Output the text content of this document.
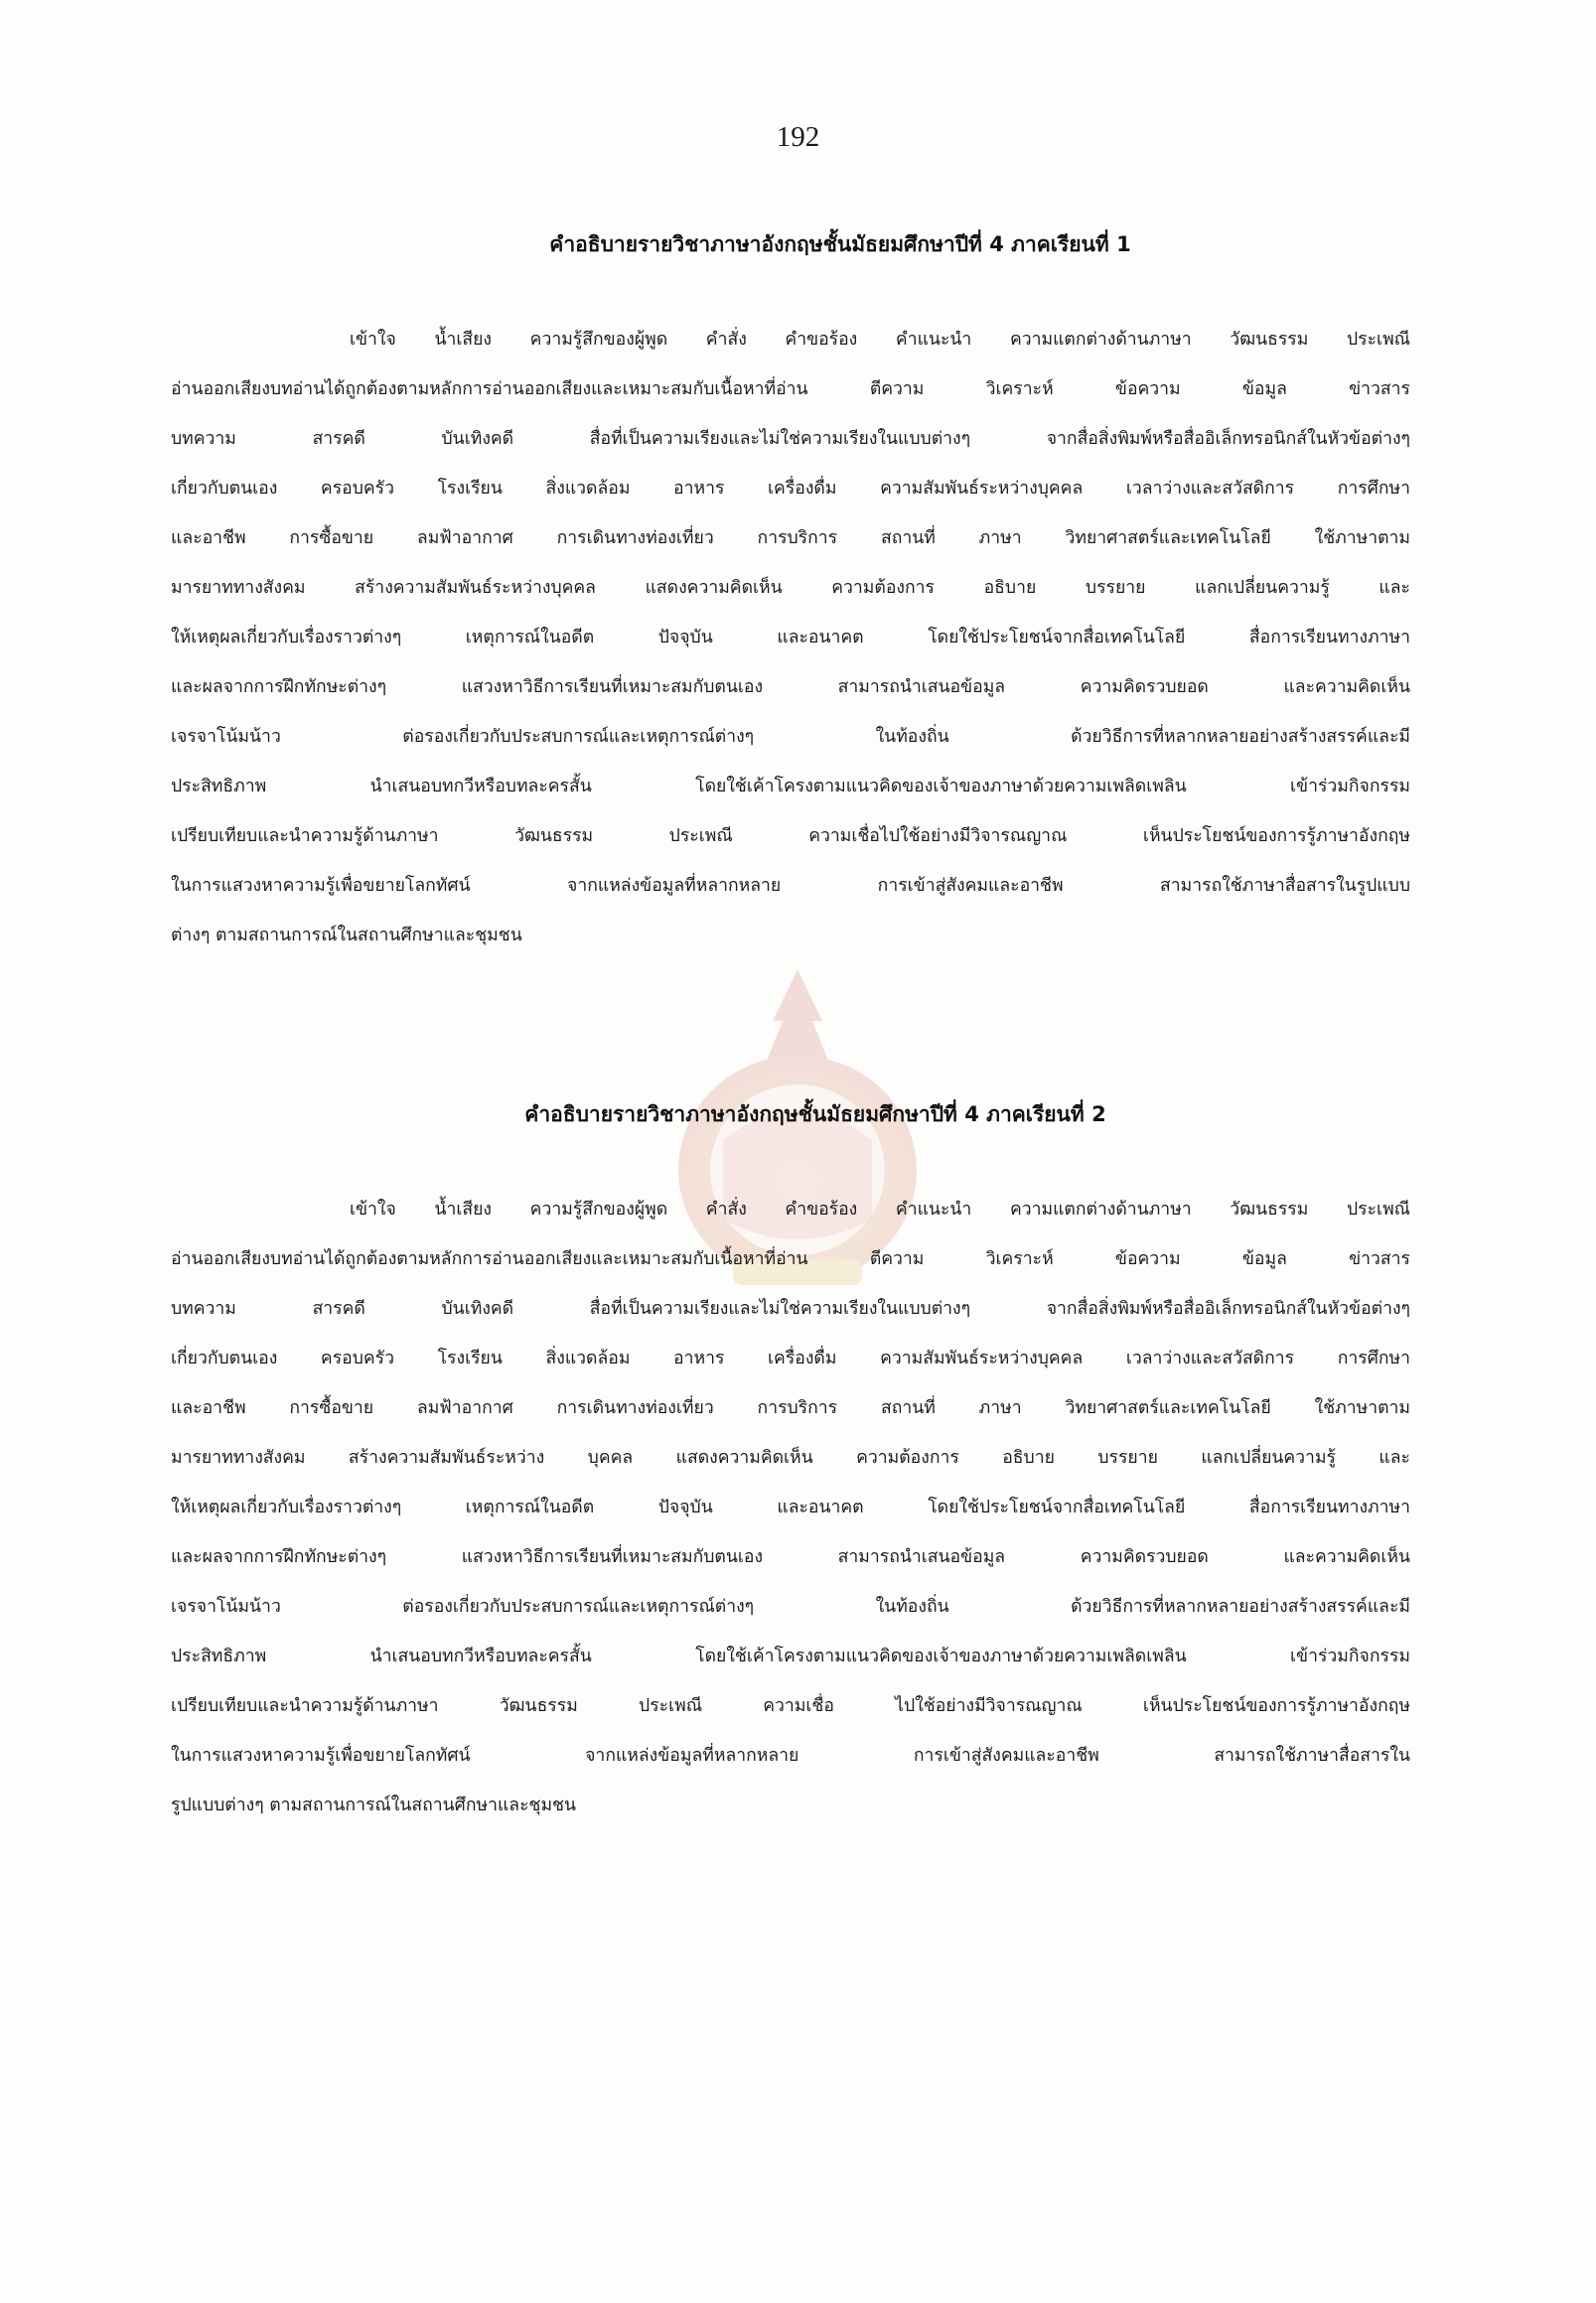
192
คำอธิบายรายวิชาภาษาอังกฤษชั้นมัธยมศึกษาปีที่ 4 ภาคเรียนที่ 1
เข้าใจ น้ำเสียง ความรู้สึกของผู้พูด คำสั่ง คำขอร้อง คำแนะนำ ความแตกต่างด้านภาษา วัฒนธรรม ประเพณี
อ่านออกเสียงบทอ่านได้ถูกต้องตามหลักการอ่านออกเสียงและเหมาะสมกับเนื้อหาที่อ่าน ตีความ วิเคราะห์ ข้อความ ข้อมูล ข่าวสาร
บทความ สารคดี บันเทิงคดี สื่อที่เป็นความเรียงและไม่ใช่ความเรียงในแบบต่างๆ จากสื่อสิ่งพิมพ์หรือสื่ออิเล็กทรอนิกส์ในหัวข้อต่างๆ
เกี่ยวกับตนเอง ครอบครัว โรงเรียน สิ่งแวดล้อม อาหาร เครื่องดื่ม ความสัมพันธ์ระหว่างบุคคล เวลาว่างและสวัสดิการ การศึกษา
และอาชีพ การซื้อขาย ลมฟ้าอากาศ การเดินทางท่องเที่ยว การบริการ สถานที่ ภาษา วิทยาศาสตร์และเทคโนโลยี ใช้ภาษาตาม
มารยาททางสังคม สร้างความสัมพันธ์ระหว่างบุคคล แสดงความคิดเห็น ความต้องการ อธิบาย บรรยาย แลกเปลี่ยนความรู้ และ
ให้เหตุผลเกี่ยวกับเรื่องราวต่างๆ เหตุการณ์ในอดีต ปัจจุบัน และอนาคต โดยใช้ประโยชน์จากสื่อเทคโนโลยี สื่อการเรียนทางภาษา
และผลจากการฝึกทักษะต่างๆ แสวงหาวิธีการเรียนที่เหมาะสมกับตนเอง สามารถนำเสนอข้อมูล ความคิดรวบยอด และความคิดเห็น
เจรจาโน้มน้าว ต่อรองเกี่ยวกับประสบการณ์และเหตุการณ์ต่างๆ ในท้องถิ่น ด้วยวิธีการที่หลากหลายอย่างสร้างสรรค์และมี
ประสิทธิภาพ นำเสนอบทกวีหรือบทละครสั้น โดยใช้เค้าโครงตามแนวคิดของเจ้าของภาษาด้วยความเพลิดเพลิน เข้าร่วมกิจกรรม
เปรียบเทียบและนำความรู้ด้านภาษา วัฒนธรรม ประเพณี ความเชื่อไปใช้อย่างมีวิจารณญาณ เห็นประโยชน์ของการรู้ภาษาอังกฤษ
ในการแสวงหาความรู้เพื่อขยายโลกทัศน์ จากแหล่งข้อมูลที่หลากหลาย การเข้าสู่สังคมและอาชีพ สามารถใช้ภาษาสื่อสารในรูปแบบ
ต่างๆ ตามสถานการณ์ในสถานศึกษาและชุมชน
คำอธิบายรายวิชาภาษาอังกฤษชั้นมัธยมศึกษาปีที่ 4 ภาคเรียนที่ 2
เข้าใจ น้ำเสียง ความรู้สึกของผู้พูด คำสั่ง คำขอร้อง คำแนะนำ ความแตกต่างด้านภาษา วัฒนธรรม ประเพณี
อ่านออกเสียงบทอ่านได้ถูกต้องตามหลักการอ่านออกเสียงและเหมาะสมกับเนื้อหาที่อ่าน ตีความ วิเคราะห์ ข้อความ ข้อมูล ข่าวสาร
บทความ สารคดี บันเทิงคดี สื่อที่เป็นความเรียงและไม่ใช่ความเรียงในแบบต่างๆ จากสื่อสิ่งพิมพ์หรือสื่ออิเล็กทรอนิกส์ในหัวข้อต่างๆ
เกี่ยวกับตนเอง ครอบครัว โรงเรียน สิ่งแวดล้อม อาหาร เครื่องดื่ม ความสัมพันธ์ระหว่างบุคคล เวลาว่างและสวัสดิการ การศึกษา
และอาชีพ การซื้อขาย ลมฟ้าอากาศ การเดินทางท่องเที่ยว การบริการ สถานที่ ภาษา วิทยาศาสตร์และเทคโนโลยี ใช้ภาษาตาม
มารยาททางสังคม สร้างความสัมพันธ์ระหว่าง บุคคล แสดงความคิดเห็น ความต้องการ อธิบาย บรรยาย แลกเปลี่ยนความรู้ และ
ให้เหตุผลเกี่ยวกับเรื่องราวต่างๆ เหตุการณ์ในอดีต ปัจจุบัน และอนาคต โดยใช้ประโยชน์จากสื่อเทคโนโลยี สื่อการเรียนทางภาษา
และผลจากการฝึกทักษะต่างๆ แสวงหาวิธีการเรียนที่เหมาะสมกับตนเอง สามารถนำเสนอข้อมูล ความคิดรวบยอด และความคิดเห็น
เจรจาโน้มน้าว ต่อรองเกี่ยวกับประสบการณ์และเหตุการณ์ต่างๆ ในท้องถิ่น ด้วยวิธีการที่หลากหลายอย่างสร้างสรรค์และมี
ประสิทธิภาพ นำเสนอบทกวีหรือบทละครสั้น โดยใช้เค้าโครงตามแนวคิดของเจ้าของภาษาด้วยความเพลิดเพลิน เข้าร่วมกิจกรรม
เปรียบเทียบและนำความรู้ด้านภาษา วัฒนธรรม ประเพณี ความเชื่อ ไปใช้อย่างมีวิจารณญาณ เห็นประโยชน์ของการรู้ภาษาอังกฤษ
ในการแสวงหาความรู้เพื่อขยายโลกทัศน์ จากแหล่งข้อมูลที่หลากหลาย การเข้าสู่สังคมและอาชีพ สามารถใช้ภาษาสื่อสารใน
รูปแบบต่างๆ ตามสถานการณ์ในสถานศึกษาและชุมชน
